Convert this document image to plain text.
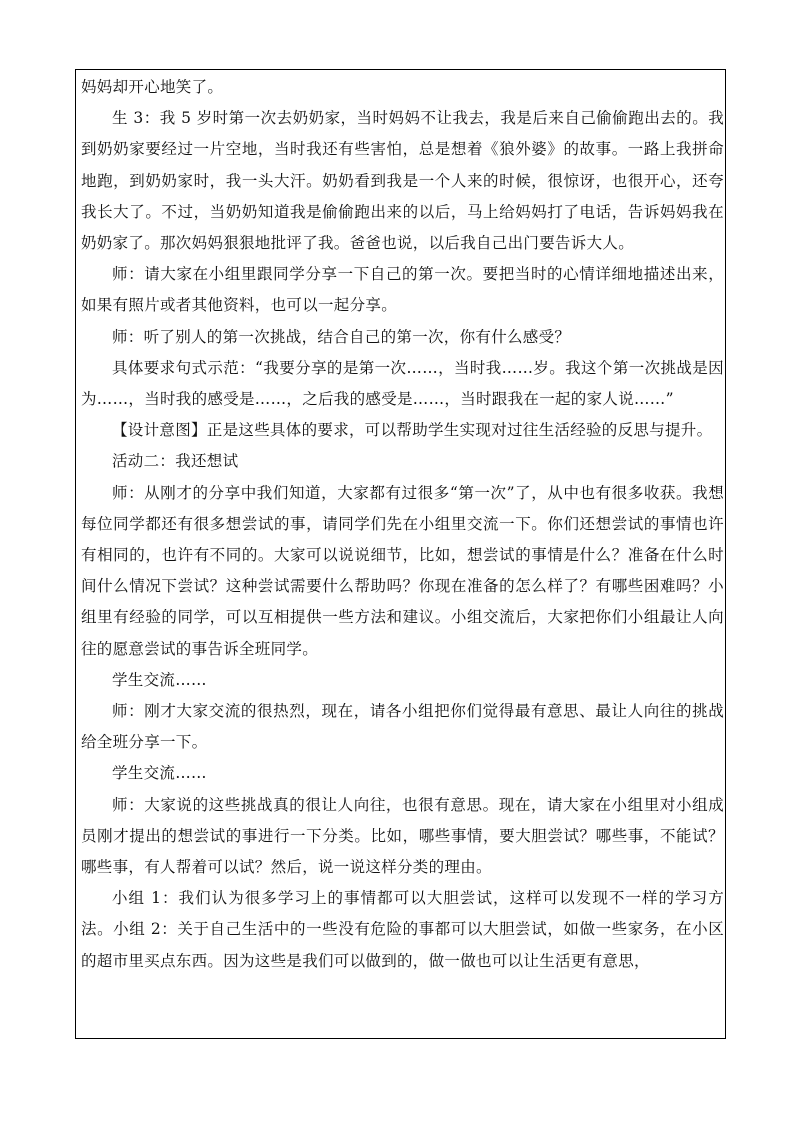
妈妈却开心地笑了。

生 3：我 5 岁时第一次去奶奶家，当时妈妈不让我去，我是后来自己偷偷跑出去的。我到奶奶家要经过一片空地，当时我还有些害怕，总是想着《狼外婆》的故事。一路上我拼命地跑，到奶奶家时，我一头大汗。奶奶看到我是一个人来的时候，很惊讶，也很开心，还夸我长大了。不过，当奶奶知道我是偷偷跑出来的以后，马上给妈妈打了电话，告诉妈妈我在奶奶家了。那次妈妈狠狠地批评了我。爸爸也说，以后我自己出门要告诉大人。

师：请大家在小组里跟同学分享一下自己的第一次。要把当时的心情详细地描述出来，如果有照片或者其他资料，也可以一起分享。

师：听了别人的第一次挑战，结合自己的第一次，你有什么感受？

具体要求句式示范：“我要分享的是第一次……，当时我……岁。我这个第一次挑战是因为……，当时我的感受是……，之后我的感受是……，当时跟我在一起的家人说……”

【设计意图】正是这些具体的要求，可以帮助学生实现对过往生活经验的反思与提升。

活动二：我还想试

师：从刚才的分享中我们知道，大家都有过很多“第一次”了，从中也有很多收获。我想每位同学都还有很多想尝试的事，请同学们先在小组里交流一下。你们还想尝试的事情也许有相同的，也许有不同的。大家可以说说细节，比如，想尝试的事情是什么？准备在什么时间什么情况下尝试？这种尝试需要什么帮助吗？你现在准备的怎么样了？有哪些困难吗？小组里有经验的同学，可以互相提供一些方法和建议。小组交流后，大家把你们小组最让人向往的愿意尝试的事告诉全班同学。

学生交流……

师：刚才大家交流的很热烈，现在，请各小组把你们觉得最有意思、最让人向往的挑战给全班分享一下。

学生交流……

师：大家说的这些挑战真的很让人向往，也很有意思。现在，请大家在小组里对小组成员刚才提出的想尝试的事进行一下分类。比如，哪些事情，要大胆尝试？哪些事，不能试？哪些事，有人帮着可以试？然后，说一说这样分类的理由。

小组 1：我们认为很多学习上的事情都可以大胆尝试，这样可以发现不一样的学习方法。小组 2：关于自己生活中的一些没有危险的事都可以大胆尝试，如做一些家务，在小区的超市里买点东西。因为这些是我们可以做到的，做一做也可以让生活更有意思，
